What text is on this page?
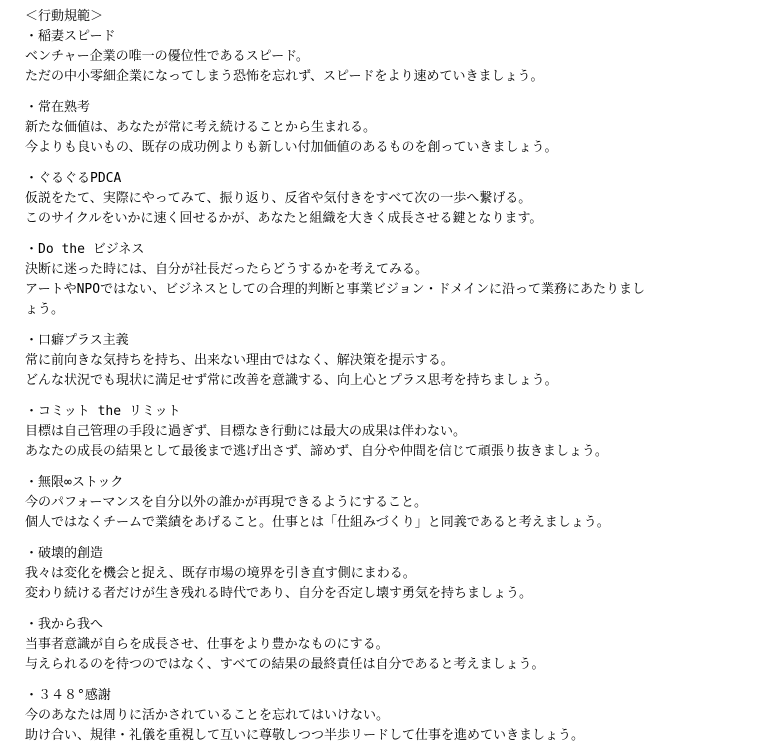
＜行動規範＞
・稲妻スピード
ベンチャー企業の唯一の優位性であるスピード。
ただの中小零細企業になってしまう恐怖を忘れず、スピードをより速めていきましょう。
・常在熟考
新たな価値は、あなたが常に考え続けることから生まれる。
今よりも良いもの、既存の成功例よりも新しい付加価値のあるものを創っていきましょう。
・ぐるぐるPDCA
仮説をたて、実際にやってみて、振り返り、反省や気付きをすべて次の一歩へ繋げる。
このサイクルをいかに速く回せるかが、あなたと組織を大きく成長させる鍵となります。
・Do the ビジネス
決断に迷った時には、自分が社長だったらどうするかを考えてみる。
アートやNPOではない、ビジネスとしての合理的判断と事業ビジョン・ドメインに沿って業務にあたりまし
ょう。
・口癖プラス主義
常に前向きな気持ちを持ち、出来ない理由ではなく、解決策を提示する。
どんな状況でも現状に満足せず常に改善を意識する、向上心とプラス思考を持ちましょう。
・コミット the リミット
目標は自己管理の手段に過ぎず、目標なき行動には最大の成果は伴わない。
あなたの成長の結果として最後まで逃げ出さず、諦めず、自分や仲間を信じて頑張り抜きましょう。
・無限∞ストック
今のパフォーマンスを自分以外の誰かが再現できるようにすること。
個人ではなくチームで業績をあげること。仕事とは「仕組みづくり」と同義であると考えましょう。
・破壊的創造
我々は変化を機会と捉え、既存市場の境界を引き直す側にまわる。
変わり続ける者だけが生き残れる時代であり、自分を否定し壊す勇気を持ちましょう。
・我から我へ
当事者意識が自らを成長させ、仕事をより豊かなものにする。
与えられるのを待つのではなく、すべての結果の最終責任は自分であると考えましょう。
・３４８°感謝
今のあなたは周りに活かされていることを忘れてはいけない。
助け合い、規律・礼儀を重視して互いに尊敬しつつ半歩リードして仕事を進めていきましょう。
